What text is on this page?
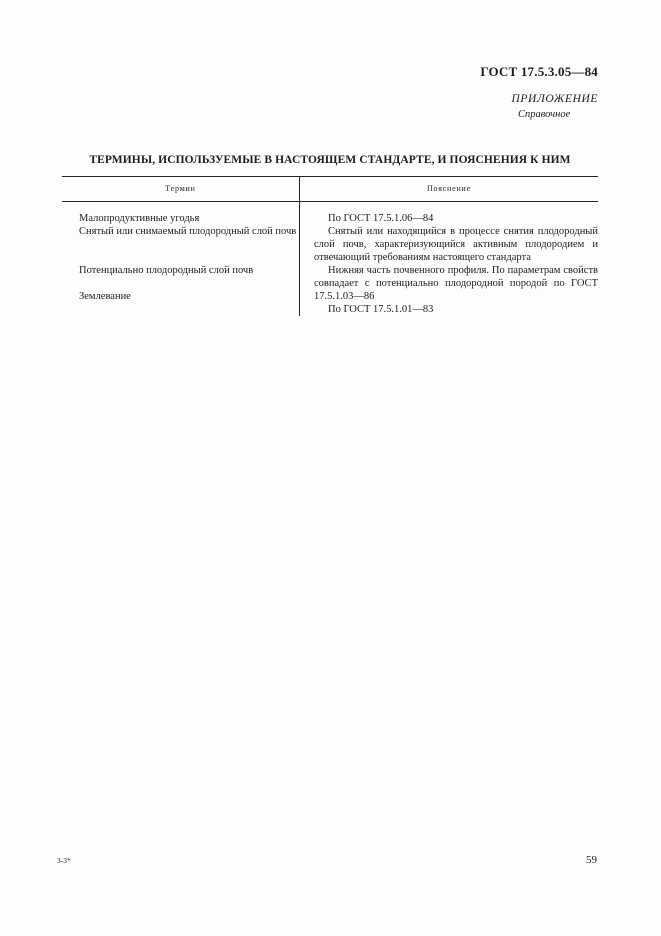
ГОСТ 17.5.3.05—84
ПРИЛОЖЕНИЕ
Справочное
ТЕРМИНЫ, ИСПОЛЬЗУЕМЫЕ В НАСТОЯЩЕМ СТАНДАРТЕ, И ПОЯСНЕНИЯ К НИМ
Термин	Пояснение
Малопродуктивные угодья
Снятый или снимаемый плодородный слой почв
Потенциально плодородный слой почв
Землевание
По ГОСТ 17.5.1.06—84
Снятый или находящийся в процессе снятия плодородный слой почв, характеризующийся активным плодородием и отвечающий требованиям настоящего стандарта
Нижняя часть почвенного профиля. По параметрам свойств совпадает с потенциально плодородной породой по ГОСТ 17.5.1.03—86
По ГОСТ 17.5.1.01—83
3-3*	59
